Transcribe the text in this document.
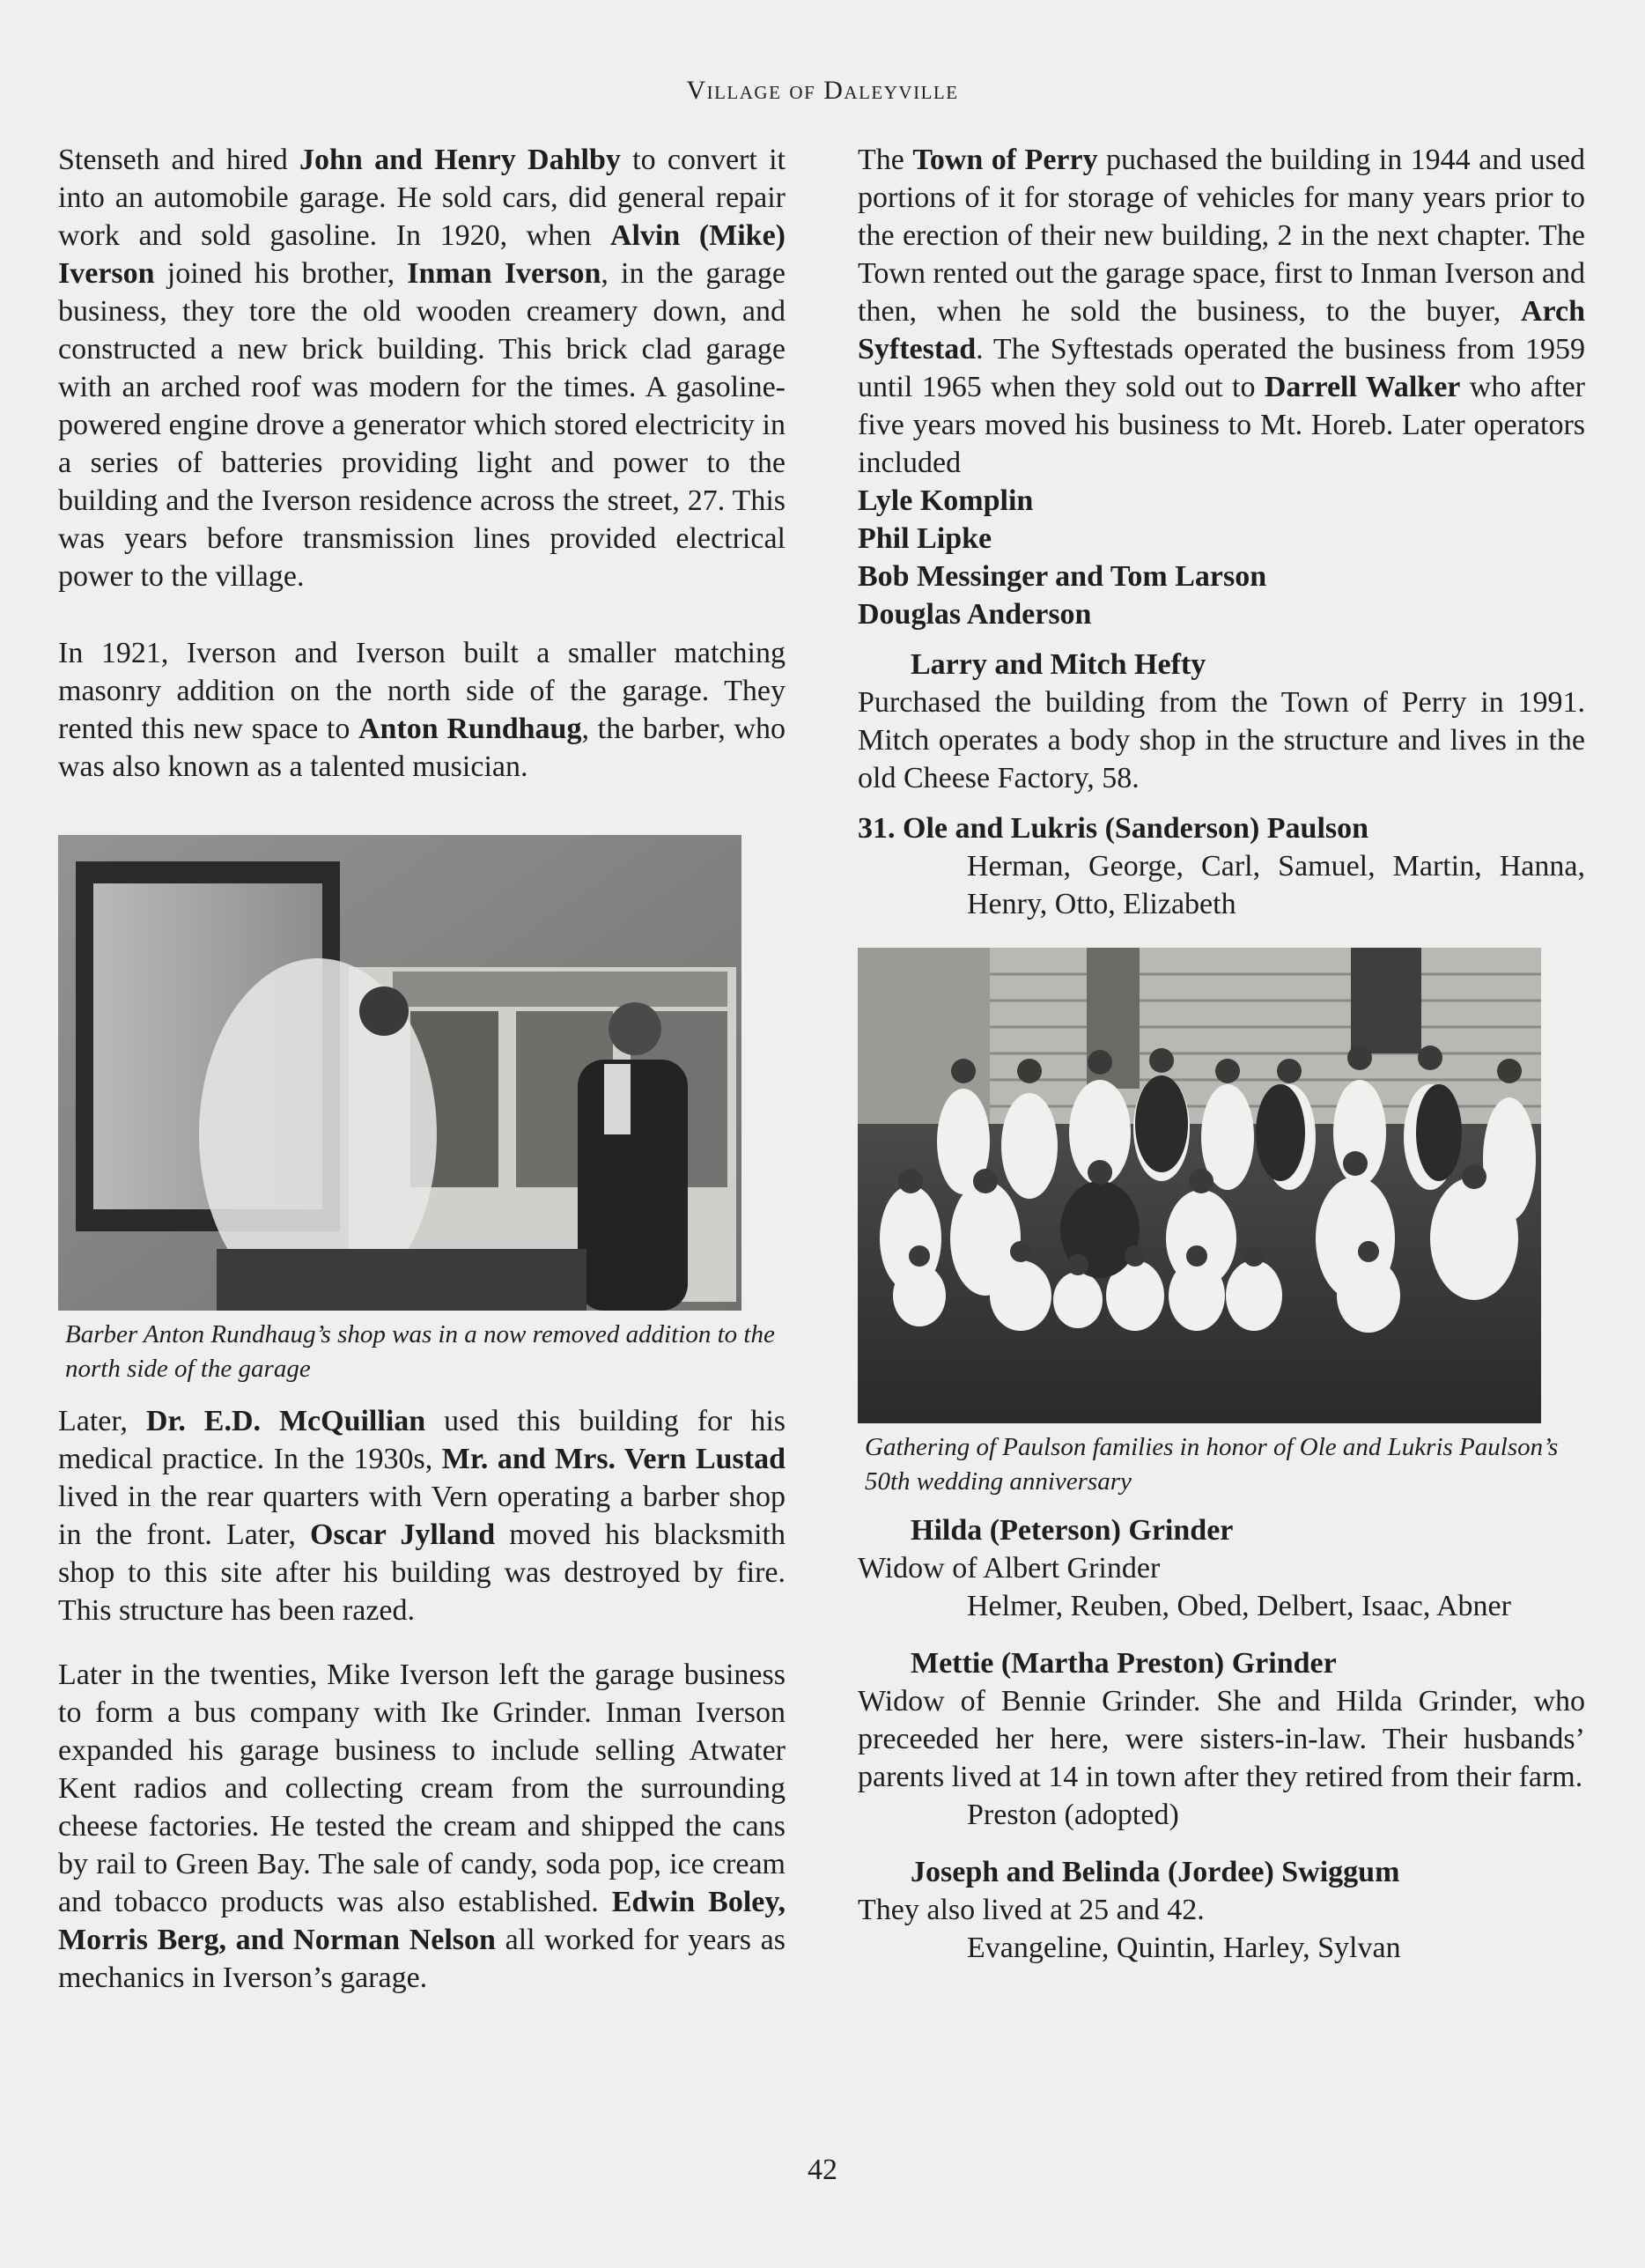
Village of Daleyville

Stenseth and hired John and Henry Dahlby to convert it into an automobile garage. He sold cars, did general repair work and sold gasoline. In 1920, when Alvin (Mike) Iverson joined his brother, Inman Iverson, in the garage business, they tore the old wooden creamery down, and constructed a new brick building. This brick clad garage with an arched roof was modern for the times. A gasoline-powered engine drove a generator which stored electricity in a series of batteries providing light and power to the building and the Iverson residence across the street, 27. This was years before transmission lines provided electrical power to the village.

In 1921, Iverson and Iverson built a smaller matching masonry addition on the north side of the garage. They rented this new space to Anton Rundhaug, the barber, who was also known as a talented musician.

Barber Anton Rundhaug’s shop was in a now removed addition to the north side of the garage

Later, Dr. E.D. McQuillian used this building for his medical practice. In the 1930s, Mr. and Mrs. Vern Lustad lived in the rear quarters with Vern operating a barber shop in the front. Later, Oscar Jylland moved his blacksmith shop to this site after his building was destroyed by fire. This structure has been razed.

Later in the twenties, Mike Iverson left the garage business to form a bus company with Ike Grinder. Inman Iverson expanded his garage business to include selling Atwater Kent radios and collecting cream from the surrounding cheese factories. He tested the cream and shipped the cans by rail to Green Bay. The sale of candy, soda pop, ice cream and tobacco products was also established. Edwin Boley, Morris Berg, and Norman Nelson all worked for years as mechanics in Iverson’s garage.

The Town of Perry puchased the building in 1944 and used portions of it for storage of vehicles for many years prior to the erection of their new building, 2 in the next chapter. The Town rented out the garage space, first to Inman Iverson and then, when he sold the business, to the buyer, Arch Syftestad. The Syftestads operated the business from 1959 until 1965 when they sold out to Darrell Walker who after five years moved his business to Mt. Horeb. Later operators included

Lyle Komplin
Phil Lipke
Bob Messinger and Tom Larson
Douglas Anderson
Larry and Mitch Hefty

Purchased the building from the Town of Perry in 1991. Mitch operates a body shop in the structure and lives in the old Cheese Factory, 58.

31. Ole and Lukris (Sanderson) Paulson
Herman, George, Carl, Samuel, Martin, Hanna, Henry, Otto, Elizabeth
Gathering of Paulson families in honor of Ole and Lukris Paulson’s 50th wedding anniversary
Hilda (Peterson) Grinder

Widow of Albert Grinder

Helmer, Reuben, Obed, Delbert, Isaac, Abner
Mettie (Martha Preston) Grinder

Widow of Bennie Grinder. She and Hilda Grinder, who preceeded her here, were sisters-in-law. Their husbands’ parents lived at 14 in town after they retired from their farm.

Preston (adopted)
Joseph and Belinda (Jordee) Swiggum

They also lived at 25 and 42.

Evangeline, Quintin, Harley, Sylvan
42
